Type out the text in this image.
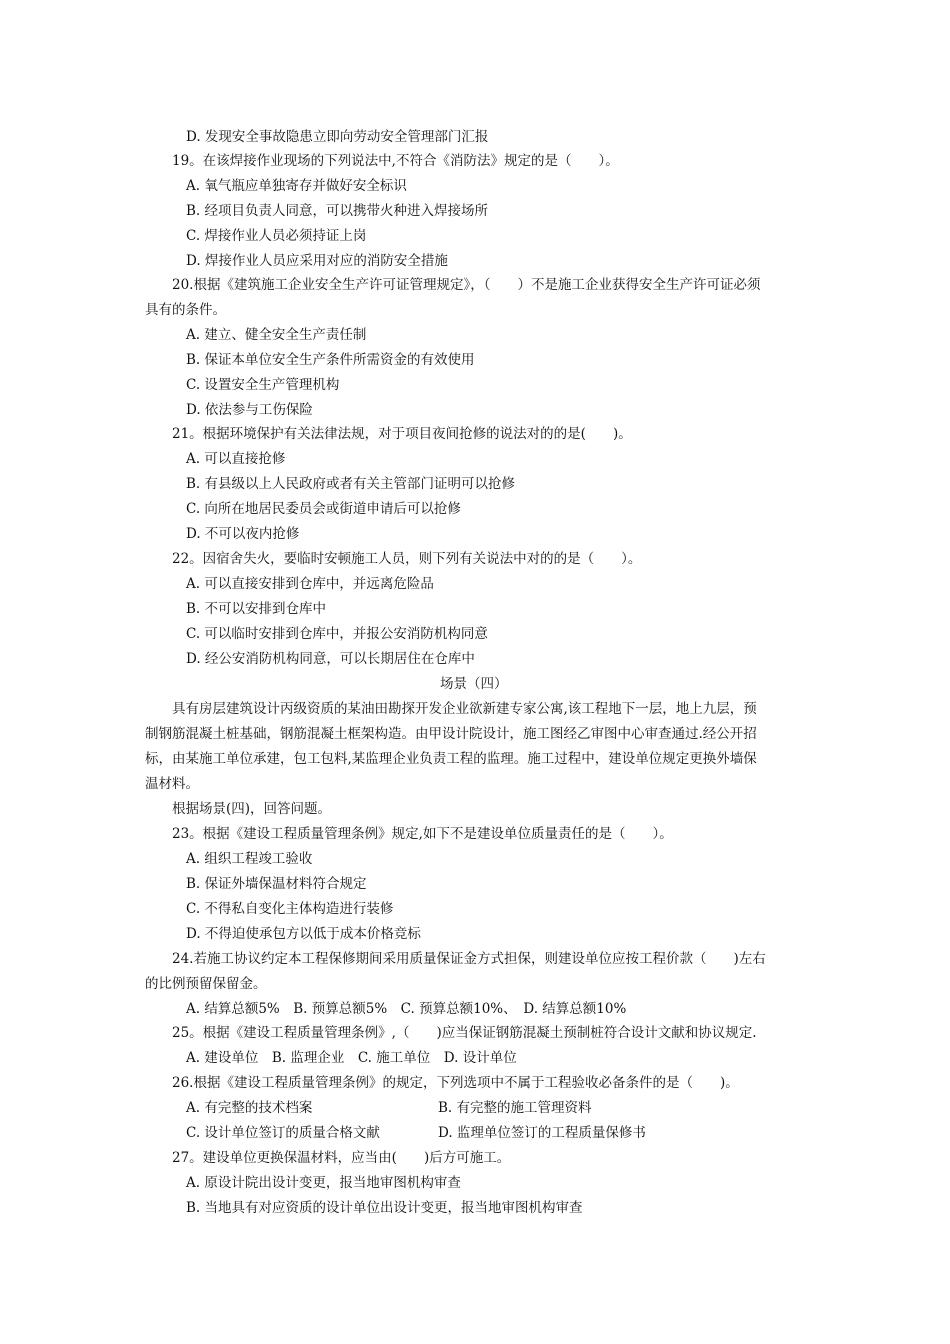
D. 发现安全事故隐患立即向劳动安全管理部门汇报
19。在该焊接作业现场的下列说法中,不符合《消防法》规定的是（　　）。
A. 氧气瓶应单独寄存并做好安全标识
B. 经项目负责人同意，可以携带火种进入焊接场所
C. 焊接作业人员必须持证上岗
D. 焊接作业人员应采用对应的消防安全措施
20.根据《建筑施工企业安全生产许可证管理规定》，（　　）不是施工企业获得安全生产许可证必须
具有的条件。
A. 建立、健全安全生产责任制
B. 保证本单位安全生产条件所需资金的有效使用
C. 设置安全生产管理机构
D. 依法参与工伤保险
21。根据环境保护有关法律法规，对于项目夜间抢修的说法对的的是(　　)。
A. 可以直接抢修
B. 有县级以上人民政府或者有关主管部门证明可以抢修
C. 向所在地居民委员会或街道申请后可以抢修
D. 不可以夜内抢修
22。因宿舍失火，要临时安顿施工人员，则下列有关说法中对的的是（　　）。
A. 可以直接安排到仓库中，并远离危险品
B. 不可以安排到仓库中
C. 可以临时安排到仓库中，并报公安消防机构同意
D. 经公安消防机构同意，可以长期居住在仓库中
场景（四）
具有房层建筑设计丙级资质的某油田勘探开发企业欲新建专家公寓,该工程地下一层，地上九层，预
制钢筋混凝土桩基础，钢筋混凝土框架构造。由甲设计院设计，施工图经乙审图中心审查通过.经公开招
标，由某施工单位承建，包工包料,某监理企业负责工程的监理。施工过程中，建设单位规定更换外墙保
温材料。
根据场景(四)，回答问题。
23。根据《建设工程质量管理条例》规定,如下不是建设单位质量责任的是（　　）。
A. 组织工程竣工验收
B. 保证外墙保温材料符合规定
C. 不得私自变化主体构造进行装修
D. 不得迫使承包方以低于成本价格竞标
24.若施工协议约定本工程保修期间采用质量保证金方式担保，则建设单位应按工程价款（　　)左右
的比例预留保留金。
A. 结算总额5%　B. 预算总额5%　C. 预算总额10%、　D. 结算总额10%
25。根据《建设工程质量管理条例》,（　　)应当保证钢筋混凝土预制桩符合设计文献和协议规定.
A. 建设单位　B. 监理企业　C. 施工单位　D. 设计单位
26.根据《建设工程质量管理条例》的规定，下列选项中不属于工程验收必备条件的是（　　)。
A. 有完整的技术档案	B. 有完整的施工管理资料
C. 设计单位签订的质量合格文献	D. 监理单位签订的工程质量保修书
27。建设单位更换保温材料，应当由(　　)后方可施工。
A. 原设计院出设计变更，报当地审图机构审查
B. 当地具有对应资质的设计单位出设计变更，报当地审图机构审查
